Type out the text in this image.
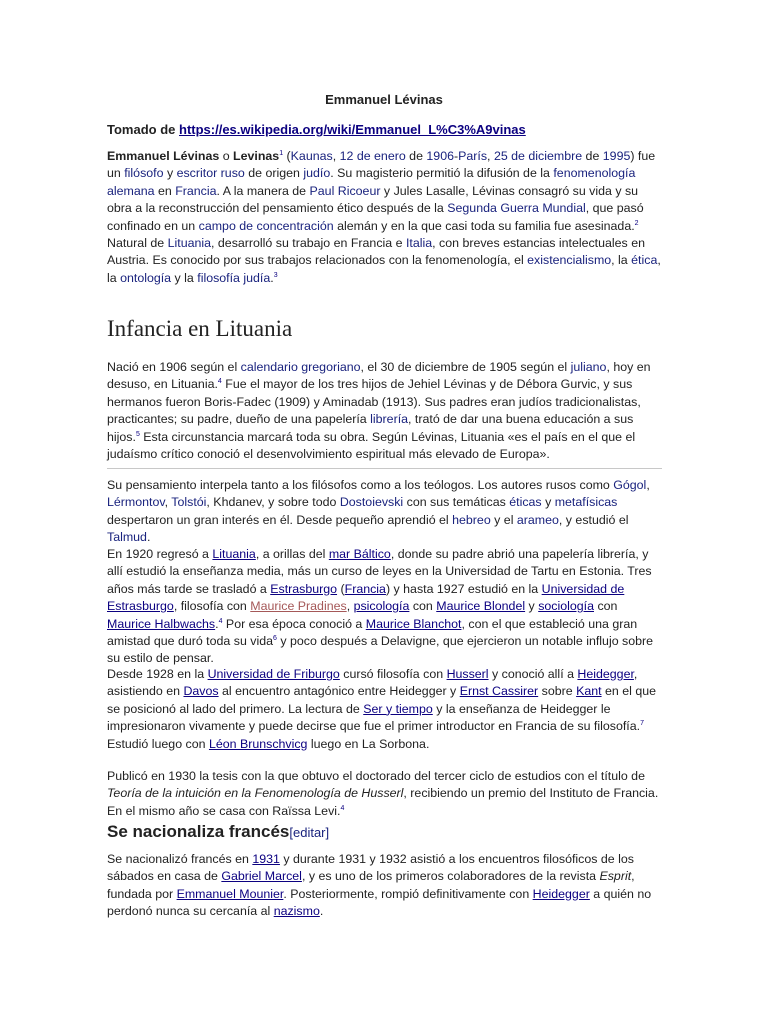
Emmanuel Lévinas
Tomado de https://es.wikipedia.org/wiki/Emmanuel_L%C3%A9vinas

Emmanuel Lévinas o Levinas$^1$ (Kaunas, 12 de enero de 1906-París, 25 de diciembre de 1995) fue un filósofo y escritor ruso de origen judío. Su magisterio permitió la difusión de la fenomenología alemana en Francia. A la manera de Paul Ricoeur y Jules Lasalle, Lévinas consagró su vida y su obra a la reconstrucción del pensamiento ético después de la Segunda Guerra Mundial, que pasó confinado en un campo de concentración alemán y en la que casi toda su familia fue asesinada.$^2$ Natural de Lituania, desarrolló su trabajo en Francia e Italia, con breves estancias intelectuales en Austria. Es conocido por sus trabajos relacionados con la fenomenología, el existencialismo, la ética, la ontología y la filosofía judía.$^3$

Infancia en Lituania

Nació en 1906 según el calendario gregoriano, el 30 de diciembre de 1905 según el juliano, hoy en desuso, en Lituania.$^4$ Fue el mayor de los tres hijos de Jehiel Lévinas y de Débora Gurvic, y sus hermanos fueron Boris-Fadec (1909) y Aminadab (1913). Sus padres eran judíos tradicionalistas, practicantes; su padre, dueño de una papelería librería, trató de dar una buena educación a sus hijos.$^5$ Esta circunstancia marcará toda su obra. Según Lévinas, Lituania «es el país en el que el judaísmo crítico conoció el desenvolvimiento espiritual más elevado de Europa».

Su pensamiento interpela tanto a los filósofos como a los teólogos. Los autores rusos como Gógol, Lérmontov, Tolstói, Khdanev, y sobre todo Dostoievski con sus temáticas éticas y metafísicas despertaron un gran interés en él. Desde pequeño aprendió el hebreo y el arameo, y estudió el Talmud.

En 1920 regresó a Lituania, a orillas del mar Báltico, donde su padre abrió una papelería librería, y allí estudió la enseñanza media, más un curso de leyes en la Universidad de Tartu en Estonia. Tres años más tarde se trasladó a Estrasburgo (Francia) y hasta 1927 estudió en la Universidad de Estrasburgo, filosofía con Maurice Pradines, psicología con Maurice Blondel y sociología con Maurice Halbwachs.$^4$ Por esa época conoció a Maurice Blanchot, con el que estableció una gran amistad que duró toda su vida$^6$ y poco después a Delavigne, que ejercieron un notable influjo sobre su estilo de pensar.

Desde 1928 en la Universidad de Friburgo cursó filosofía con Husserl y conoció allí a Heidegger, asistiendo en Davos al encuentro antagónico entre Heidegger y Ernst Cassirer sobre Kant en el que se posicionó al lado del primero. La lectura de Ser y tiempo y la enseñanza de Heidegger le impresionaron vivamente y puede decirse que fue el primer introductor en Francia de su filosofía.$^7$ Estudió luego con Léon Brunschvicg luego en La Sorbona.

Publicó en 1930 la tesis con la que obtuvo el doctorado del tercer ciclo de estudios con el título de Teoría de la intuición en la Fenomenología de Husserl, recibiendo un premio del Instituto de Francia. En el mismo año se casa con Raïssa Levi.$^4$

Se nacionaliza francés[editar]

Se nacionalizó francés en 1931 y durante 1931 y 1932 asistió a los encuentros filosóficos de los sábados en casa de Gabriel Marcel, y es uno de los primeros colaboradores de la revista Esprit, fundada por Emmanuel Mounier. Posteriormente, rompió definitivamente con Heidegger a quién no perdonó nunca su cercanía al nazismo.
